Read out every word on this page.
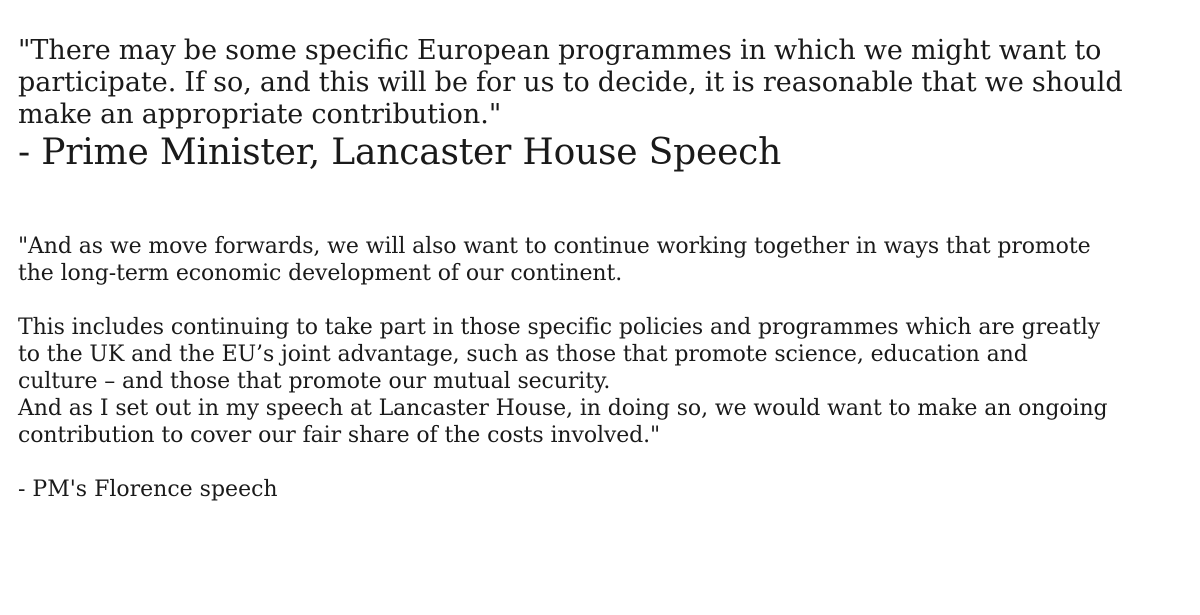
"There may be some specific European programmes in which we might want to
participate. If so, and this will be for us to decide, it is reasonable that we should
make an appropriate contribution."

- Prime Minister, Lancaster House Speech

"And as we move forwards, we will also want to continue working together in ways that promote
the long-term economic development of our continent.

This includes continuing to take part in those specific policies and programmes which are greatly
to the UK and the EU’s joint advantage, such as those that promote science, education and
culture – and those that promote our mutual security.
And as I set out in my speech at Lancaster House, in doing so, we would want to make an ongoing
contribution to cover our fair share of the costs involved."

- PM's Florence speech
